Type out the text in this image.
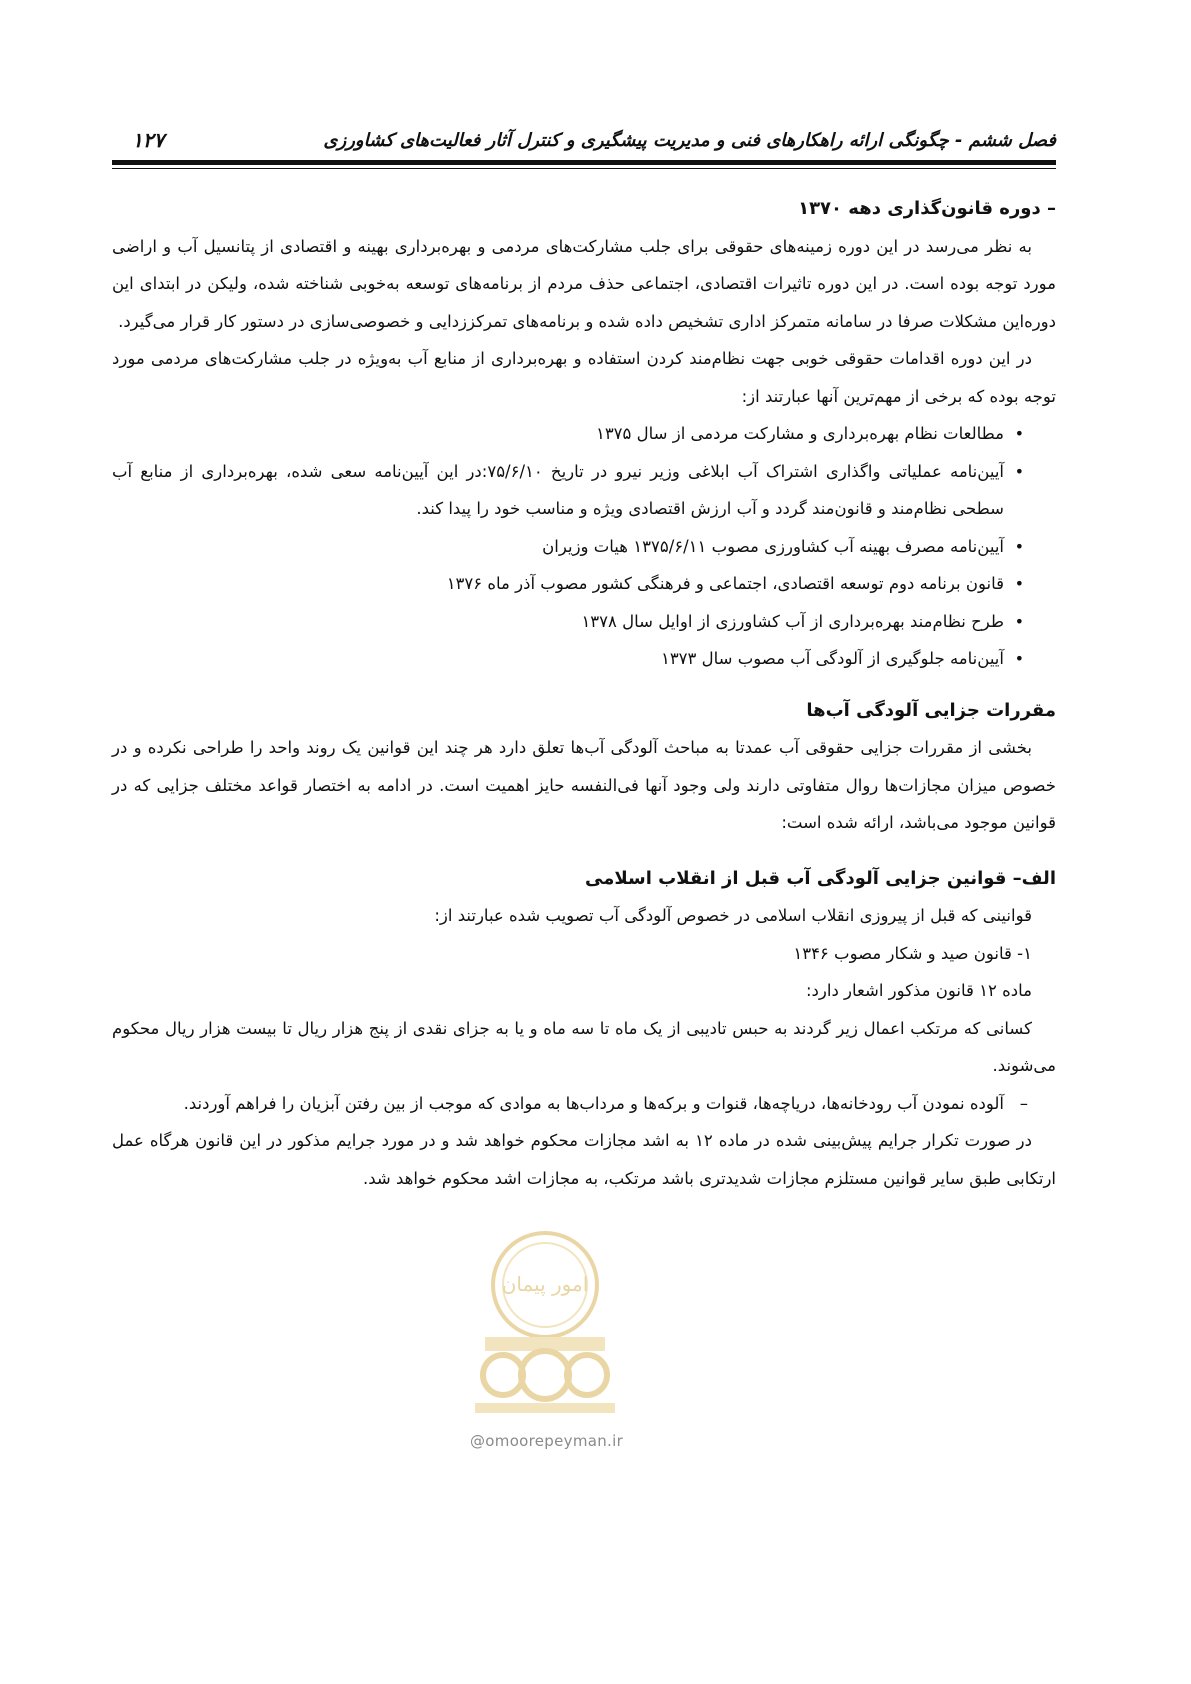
فصل ششم - چگونگی ارائه راهکارهای فنی و مدیریت پیشگیری و کنترل آثار فعالیت‌های کشاورزی
۱۲۷
– دوره قانون‌گذاری دهه ۱۳۷۰

به نظر می‌رسد در این دوره زمینه‌های حقوقی برای جلب مشارکت‌های مردمی و بهره‌برداری بهینه و اقتصادی از پتانسیل آب و اراضی مورد توجه بوده است. در این دوره تاثیرات اقتصادی، اجتماعی حذف مردم از برنامه‌های توسعه به‌خوبی شناخته شده، ولیکن در ابتدای این دوره‌این مشکلات صرفا در سامانه متمرکز اداری تشخیص داده شده و برنامه‌های تمرکززدایی و خصوصی‌سازی در دستور کار قرار می‌گیرد.

در این دوره اقدامات حقوقی خوبی جهت نظام‌مند کردن استفاده و بهره‌برداری از منابع آب به‌ویژه در جلب مشارکت‌های مردمی مورد توجه بوده که برخی از مهم‌ترین آنها عبارتند از:

• مطالعات نظام بهره‌برداری و مشارکت مردمی از سال ۱۳۷۵
• آیین‌نامه عملیاتی واگذاری اشتراک آب ابلاغی وزیر نیرو در تاریخ ۷۵/۶/۱۰:در این آیین‌نامه سعی شده، بهره‌برداری از منابع آب سطحی نظام‌مند و قانون‌مند گردد و آب ارزش اقتصادی ویژه و مناسب خود را پیدا کند.
• آیین‌نامه مصرف بهینه آب کشاورزی مصوب ۱۳۷۵/۶/۱۱ هیات وزیران
• قانون برنامه دوم توسعه اقتصادی، اجتماعی و فرهنگی کشور مصوب آذر ماه ۱۳۷۶
• طرح نظام‌مند بهره‌برداری از آب کشاورزی از اوایل سال ۱۳۷۸
• آیین‌نامه جلوگیری از آلودگی آب مصوب سال ۱۳۷۳
مقررات جزایی آلودگی آب‌ها

بخشی از مقررات جزایی حقوقی آب عمدتا به مباحث آلودگی آب‌ها تعلق دارد هر چند این قوانین یک روند واحد را طراحی نکرده و در خصوص میزان مجازات‌ها روال متفاوتی دارند ولی وجود آنها فی‌النفسه حایز اهمیت است. در ادامه به اختصار قواعد مختلف جزایی که در قوانین موجود می‌باشد، ارائه شده است:

الف– قوانین جزایی آلودگی آب قبل از انقلاب اسلامی

قوانینی که قبل از پیروزی انقلاب اسلامی در خصوص آلودگی آب تصویب شده عبارتند از:

۱- قانون صید و شکار مصوب ۱۳۴۶

ماده ۱۲ قانون مذکور اشعار دارد:

کسانی که مرتکب اعمال زیر گردند به حبس تادیبی از یک ماه تا سه ماه و یا به جزای نقدی از پنج هزار ریال تا بیست هزار ریال محکوم می‌شوند.

–
آلوده نمودن آب رودخانه‌ها، دریاچه‌ها، قنوات و برکه‌ها و مرداب‌ها به موادی که موجب از بین رفتن آبزیان را فراهم آوردند.

در صورت تکرار جرایم پیش‌بینی شده در ماده ۱۲ به اشد مجازات محکوم خواهد شد و در مورد جرایم مذکور در این قانون هرگاه عمل ارتکابی طبق سایر قوانین مستلزم مجازات شدیدتری باشد مرتکب، به مجازات اشد محکوم خواهد شد.

امور پیمان
@omoorepeyman.ir
